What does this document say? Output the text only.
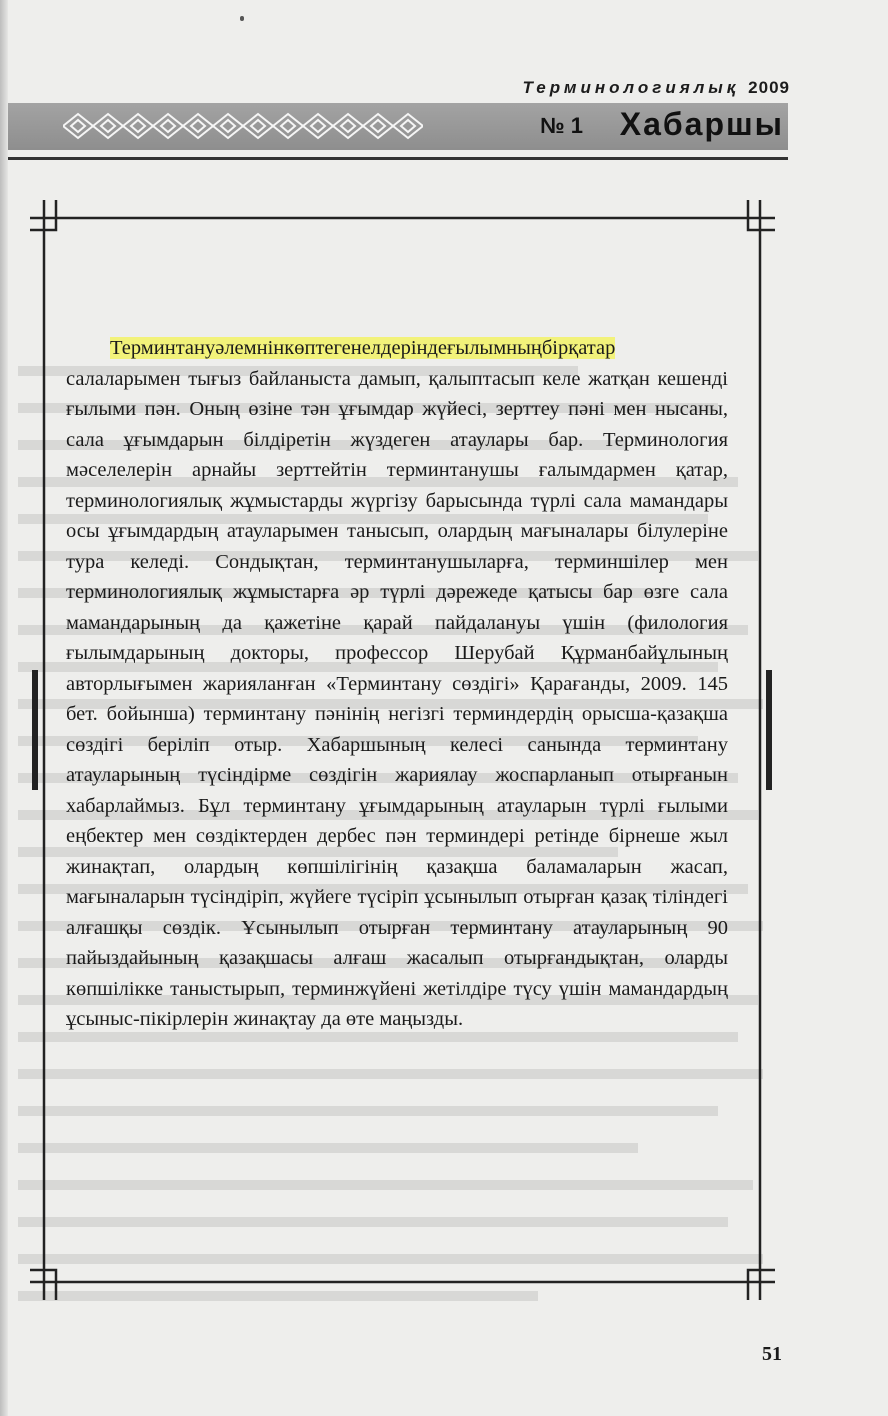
Терминологиялық 2009
№ 1 Хабаршы

Терминтануәлемнінкөптегенелдеріндеғылымныңбірқатар салаларымен тығыз байланыста дамып, қалыптасып келе жатқан кешенді ғылыми пән. Оның өзіне тән ұғымдар жүйесі, зерттеу пәні мен нысаны, сала ұғымдарын білдіретін жүздеген атаулары бар. Терминология мәселелерін арнайы зерттейтін терминтанушы ғалымдармен қатар, терминологиялық жұмыстарды жүргізу барысында түрлі сала мамандары осы ұғымдардың атауларымен танысып, олардың мағыналары білулеріне тура келеді. Сондықтан, терминтанушыларға, терминшілер мен терминологиялық жұмыстарға әр түрлі дәрежеде қатысы бар өзге сала мамандарының да қажетіне қарай пайдалануы үшін (филология ғылымдарының докторы, профессор Шерубай Құрманбайұлының авторлығымен жарияланған «Терминтану сөздігі» Қарағанды, 2009. 145 бет. бойынша) терминтану пәнінің негізгі терминдердің орысша-қазақша сөздігі беріліп отыр. Хабаршының келесі санында терминтану атауларының түсіндірме сөздігін жариялау жоспарланып отырғанын хабарлаймыз. Бұл терминтану ұғымдарының атауларын түрлі ғылыми еңбектер мен сөздіктерден дербес пән терминдері ретінде бірнеше жыл жинақтап, олардың көпшілігінің қазақша баламаларын жасап, мағыналарын түсіндіріп, жүйеге түсіріп ұсынылып отырған қазақ тіліндегі алғашқы сөздік. Ұсынылып отырған терминтану атауларының 90 пайыздайының қазақшасы алғаш жасалып отырғандықтан, оларды көпшілікке таныстырып, терминжүйені жетілдіре түсу үшін мамандардың ұсыныс-пікірлерін жинақтау да өте маңызды.

51
